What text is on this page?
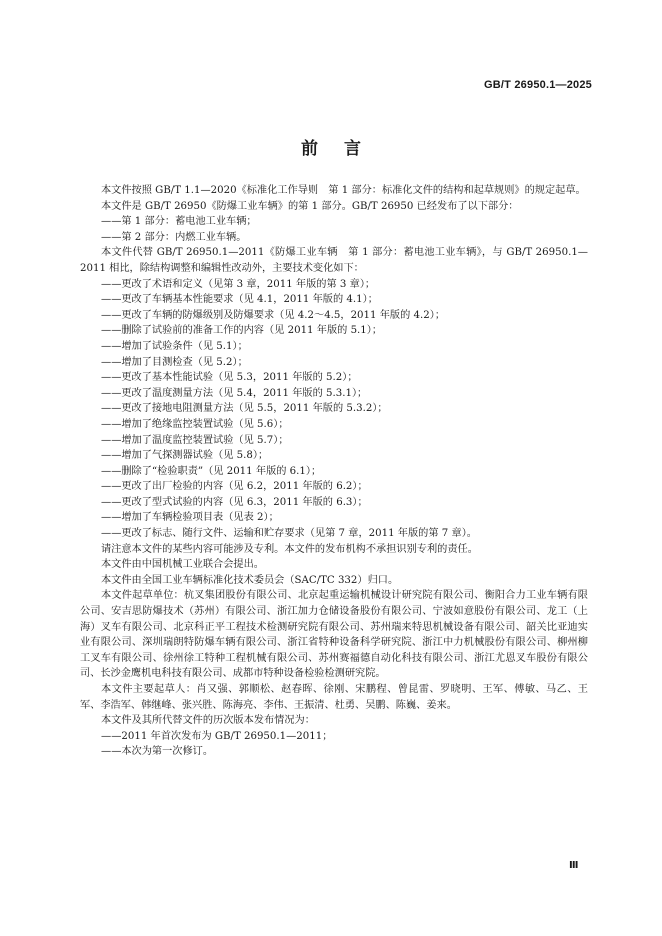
GB/T 26950.1—2025
前言

本文件按照 GB/T 1.1—2020《标准化工作导则　第 1 部分：标准化文件的结构和起草规则》的规定起草。

本文件是 GB/T 26950《防爆工业车辆》的第 1 部分。GB/T 26950 已经发布了以下部分：

——第 1 部分：蓄电池工业车辆；

——第 2 部分：内燃工业车辆。

本文件代替 GB/T 26950.1—2011《防爆工业车辆　第 1 部分：蓄电池工业车辆》，与 GB/T 26950.1—2011 相比，除结构调整和编辑性改动外，主要技术变化如下：

——更改了术语和定义（见第 3 章，2011 年版的第 3 章）；

——更改了车辆基本性能要求（见 4.1，2011 年版的 4.1）；

——更改了车辆的防爆级别及防爆要求（见 4.2～4.5，2011 年版的 4.2）；

——删除了试验前的准备工作的内容（见 2011 年版的 5.1）；

——增加了试验条件（见 5.1）；

——增加了目测检查（见 5.2）；

——更改了基本性能试验（见 5.3，2011 年版的 5.2）；

——更改了温度测量方法（见 5.4，2011 年版的 5.3.1）；

——更改了接地电阻测量方法（见 5.5，2011 年版的 5.3.2）；

——增加了绝缘监控装置试验（见 5.6）；

——增加了温度监控装置试验（见 5.7）；

——增加了气探测器试验（见 5.8）；

——删除了“检验职责”（见 2011 年版的 6.1）；

——更改了出厂检验的内容（见 6.2，2011 年版的 6.2）；

——更改了型式试验的内容（见 6.3，2011 年版的 6.3）；

——增加了车辆检验项目表（见表 2）；

——更改了标志、随行文件、运输和贮存要求（见第 7 章，2011 年版的第 7 章）。

请注意本文件的某些内容可能涉及专利。本文件的发布机构不承担识别专利的责任。

本文件由中国机械工业联合会提出。

本文件由全国工业车辆标准化技术委员会（SAC/TC 332）归口。

本文件起草单位：杭叉集团股份有限公司、北京起重运输机械设计研究院有限公司、衡阳合力工业车辆有限公司、安吉思防爆技术（苏州）有限公司、浙江加力仓储设备股份有限公司、宁波如意股份有限公司、龙工（上海）叉车有限公司、北京科正平工程技术检测研究院有限公司、苏州瑞来特思机械设备有限公司、韶关比亚迪实业有限公司、深圳瑞朗特防爆车辆有限公司、浙江省特种设备科学研究院、浙江中力机械股份有限公司、柳州柳工叉车有限公司、徐州徐工特种工程机械有限公司、苏州赛福德自动化科技有限公司、浙江尤恩叉车股份有限公司、长沙金鹰机电科技有限公司、成都市特种设备检验检测研究院。

本文件主要起草人：肖又强、郭顺松、赵春晖、徐刚、宋鹏程、曾昆雷、罗晓明、王军、傅敏、马乙、王军、李浩军、韩继峰、张兴胜、陈海亮、李伟、王振清、杜勇、吴鹏、陈巍、姜来。

本文件及其所代替文件的历次版本发布情况为：

——2011 年首次发布为 GB/T 26950.1—2011；

——本次为第一次修订。

Ⅲ
